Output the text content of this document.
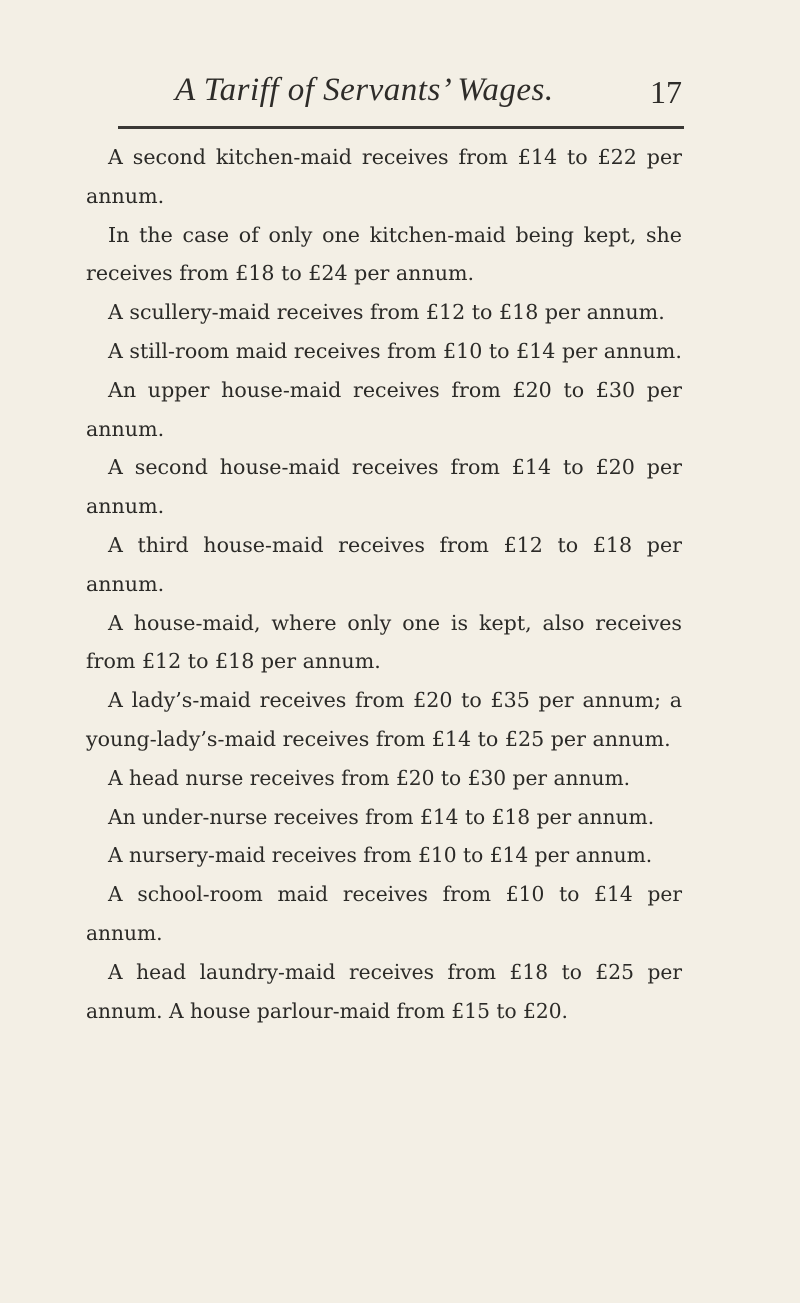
A Tariff of Servants’ Wages.	17

A second kitchen-maid receives from £14 to £22 per annum.

In the case of only one kitchen-maid being kept, she receives from £18 to £24 per annum.

A scullery-maid receives from £12 to £18 per annum.

A still-room maid receives from £10 to £14 per annum.

An upper house-maid receives from £20 to £30 per annum.

A second house-maid receives from £14 to £20 per annum.

A third house-maid receives from £12 to £18 per annum.

A house-maid, where only one is kept, also receives from £12 to £18 per annum.

A lady’s-maid receives from £20 to £35 per annum; a young-lady’s-maid receives from £14 to £25 per annum.

A head nurse receives from £20 to £30 per annum.

An under-nurse receives from £14 to £18 per annum.

A nursery-maid receives from £10 to £14 per annum.

A school-room maid receives from £10 to £14 per annum.

A head laundry-maid receives from £18 to £25 per annum. A house parlour-maid from £15 to £20.
